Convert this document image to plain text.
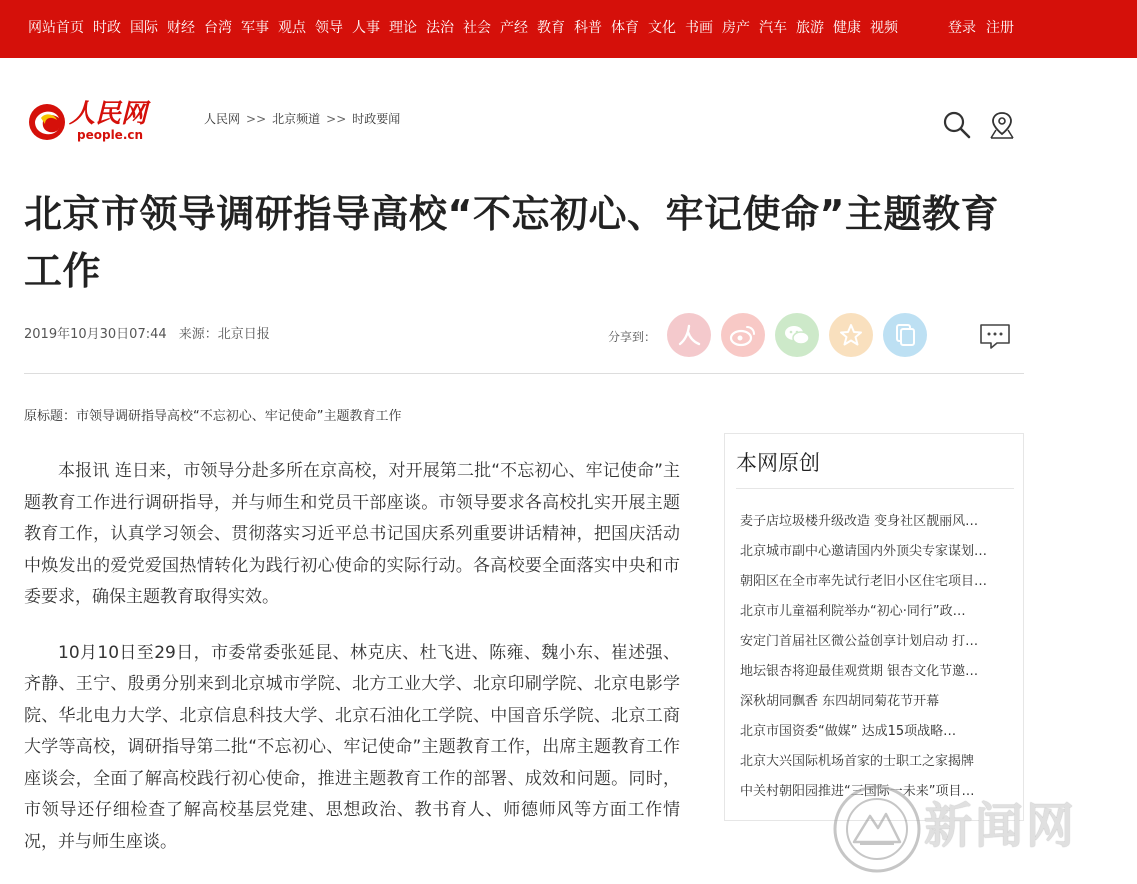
网站首页 时政 国际 财经 台湾 军事 观点 领导 人事 理论 法治 社会 产经 教育 科普 体育 文化 书画 房产 汽车 旅游 健康 视频	登录 注册
人民网
people.cn
人民网 >> 北京频道 >> 时政要闻
北京市领导调研指导高校“不忘初心、牢记使命”主题教育工作
2019年10月30日07:44 来源：北京日报	分享到：
原标题：市领导调研指导高校“不忘初心、牢记使命”主题教育工作

本报讯 连日来，市领导分赴多所在京高校，对开展第二批“不忘初心、牢记使命”主题教育工作进行调研指导，并与师生和党员干部座谈。市领导要求各高校扎实开展主题教育工作，认真学习领会、贯彻落实习近平总书记国庆系列重要讲话精神，把国庆活动中焕发出的爱党爱国热情转化为践行初心使命的实际行动。各高校要全面落实中央和市委要求，确保主题教育取得实效。

10月10日至29日，市委常委张延昆、林克庆、杜飞进、陈雍、魏小东、崔述强、齐静、王宁、殷勇分别来到北京城市学院、北方工业大学、北京印刷学院、北京电影学院、华北电力大学、北京信息科技大学、北京石油化工学院、中国音乐学院、北京工商大学等高校，调研指导第二批“不忘初心、牢记使命”主题教育工作，出席主题教育工作座谈会，全面了解高校践行初心使命，推进主题教育工作的部署、成效和问题。同时，市领导还仔细检查了解高校基层党建、思想政治、教书育人、师德师风等方面工作情况，并与师生座谈。

本网原创
麦子店垃圾楼升级改造 变身社区靓丽风…
北京城市副中心邀请国内外顶尖专家谋划…
朝阳区在全市率先试行老旧小区住宅项目…
北京市儿童福利院举办“初心·同行”政…
安定门首届社区微公益创享计划启动 打…
地坛银杏将迎最佳观赏期 银杏文化节邀…
深秋胡同飘香 东四胡同菊花节开幕
北京市国资委“做媒” 达成15项战略…
北京大兴国际机场首家的士职工之家揭牌
中关村朝阳园推进“三国际一未来”项目…
新闻网
